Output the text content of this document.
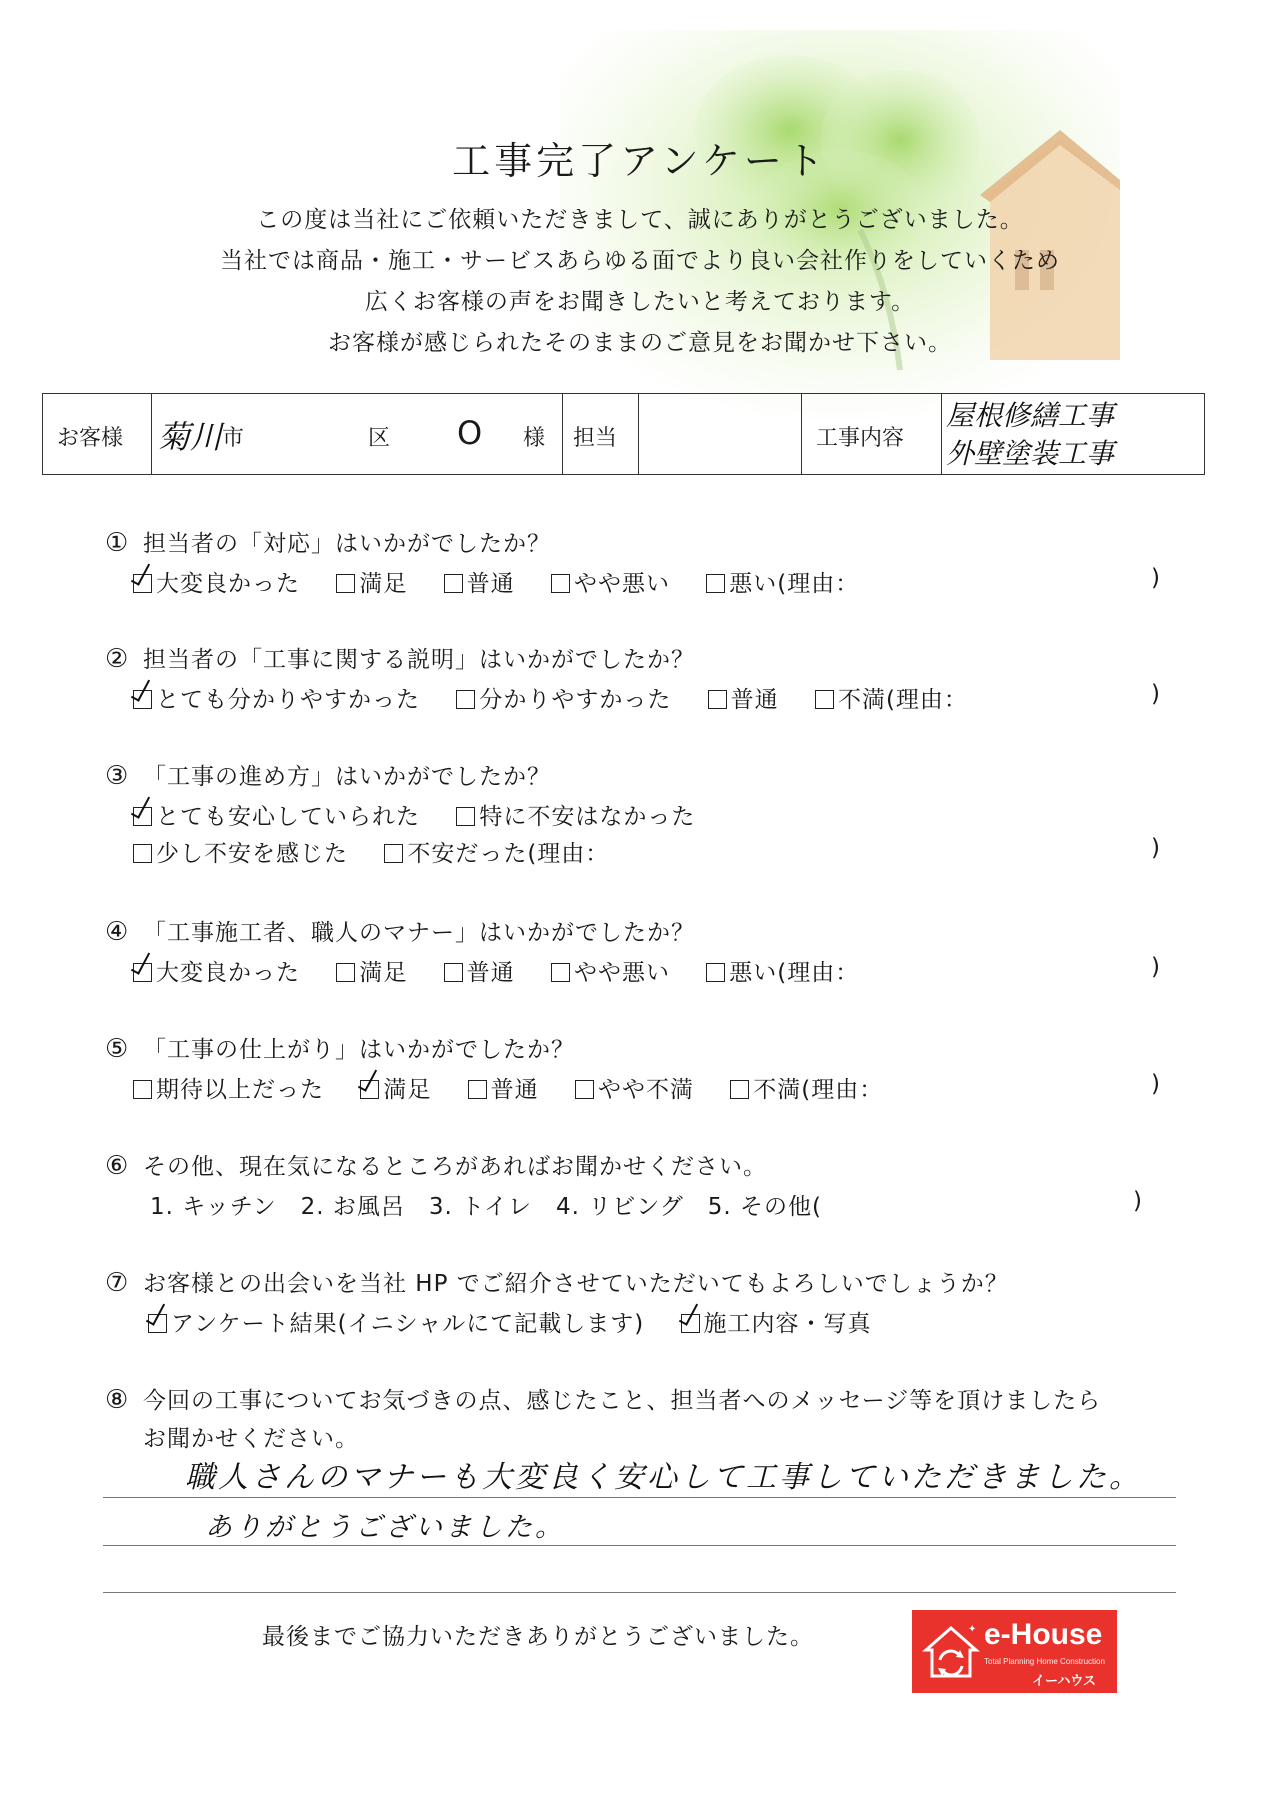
工事完了アンケート
この度は当社にご依頼いただきまして、誠にありがとうございました。
当社では商品・施工・サービスあらゆる面でより良い会社作りをしていくため
広くお客様の声をお聞きしたいと考えております。
お客様が感じられたそのままのご意見をお聞かせ下さい。
お客様 菊川 市	区 O 様 担当	工事内容
屋根修繕工事
外壁塗装工事
① 担当者の「対応」はいかがでしたか？
大変良かった	満足	普通	やや悪い	悪い(理由：	)
② 担当者の「工事に関する説明」はいかがでしたか？
とても分かりやすかった	分かりやすかった	普通	不満(理由：	)
③ 「工事の進め方」はいかがでしたか？
とても安心していられた	特に不安はなかった
少し不安を感じた	不安だった(理由：	)
④ 「工事施工者、職人のマナー」はいかがでしたか？
大変良かった	満足	普通	やや悪い	悪い(理由：	)
⑤ 「工事の仕上がり」はいかがでしたか？
期待以上だった	満足	普通	やや不満	不満(理由：	)
⑥ その他、現在気になるところがあればお聞かせください。
1. キッチン　2. お風呂　3. トイレ　4. リビング　5. その他(	)
⑦ お客様との出会いを当社 HP でご紹介させていただいてもよろしいでしょうか？
アンケート結果(イニシャルにて記載します)	施工内容・写真
⑧ 今回の工事についてお気づきの点、感じたこと、担当者へのメッセージ等を頂けましたら
お聞かせください。
職人さんのマナーも大変良く安心して工事していただきました。
ありがとうございました。
最後までご協力いただきありがとうございました。	✦ e-House
Total Planning Home Construction
イーハウス
